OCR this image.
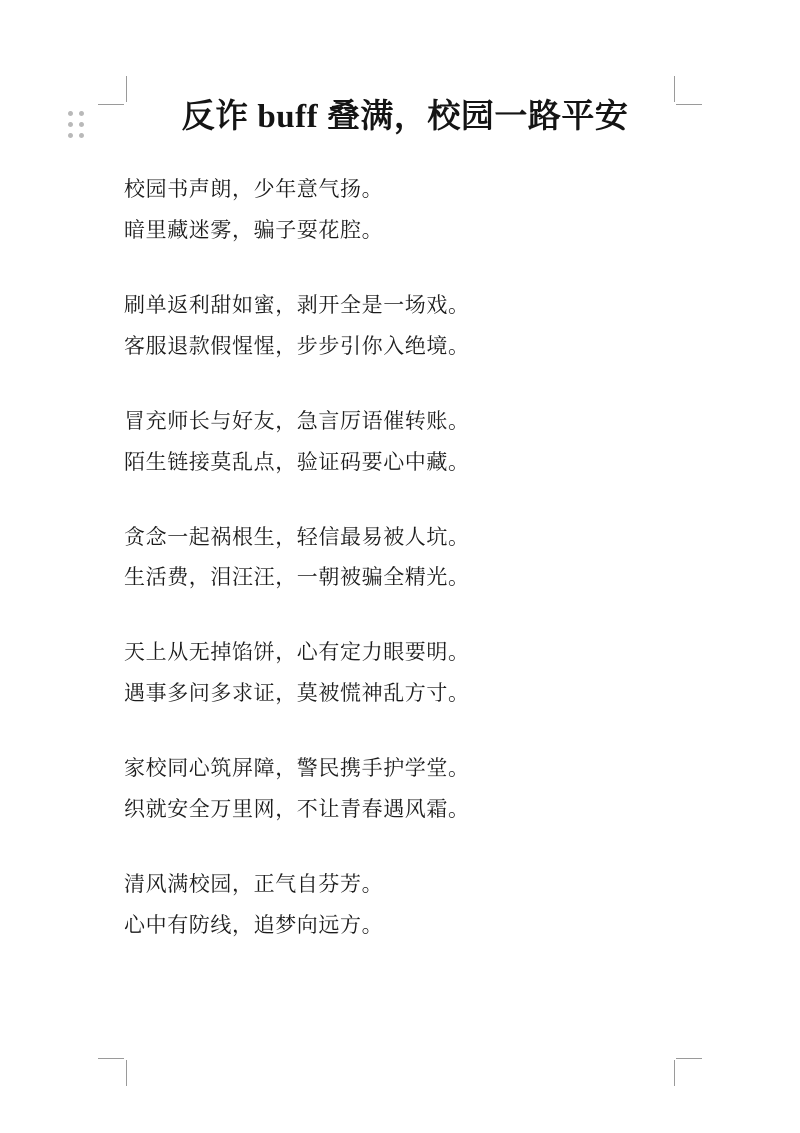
反诈 buff 叠满，校园一路平安
校园书声朗，少年意气扬。
暗里藏迷雾，骗子耍花腔。
刷单返利甜如蜜，剥开全是一场戏。
客服退款假惺惺，步步引你入绝境。
冒充师长与好友，急言厉语催转账。
陌生链接莫乱点，验证码要心中藏。
贪念一起祸根生，轻信最易被人坑。
生活费，泪汪汪，一朝被骗全精光。
天上从无掉馅饼，心有定力眼要明。
遇事多问多求证，莫被慌神乱方寸。
家校同心筑屏障，警民携手护学堂。
织就安全万里网，不让青春遇风霜。
清风满校园，正气自芬芳。
心中有防线，追梦向远方。
